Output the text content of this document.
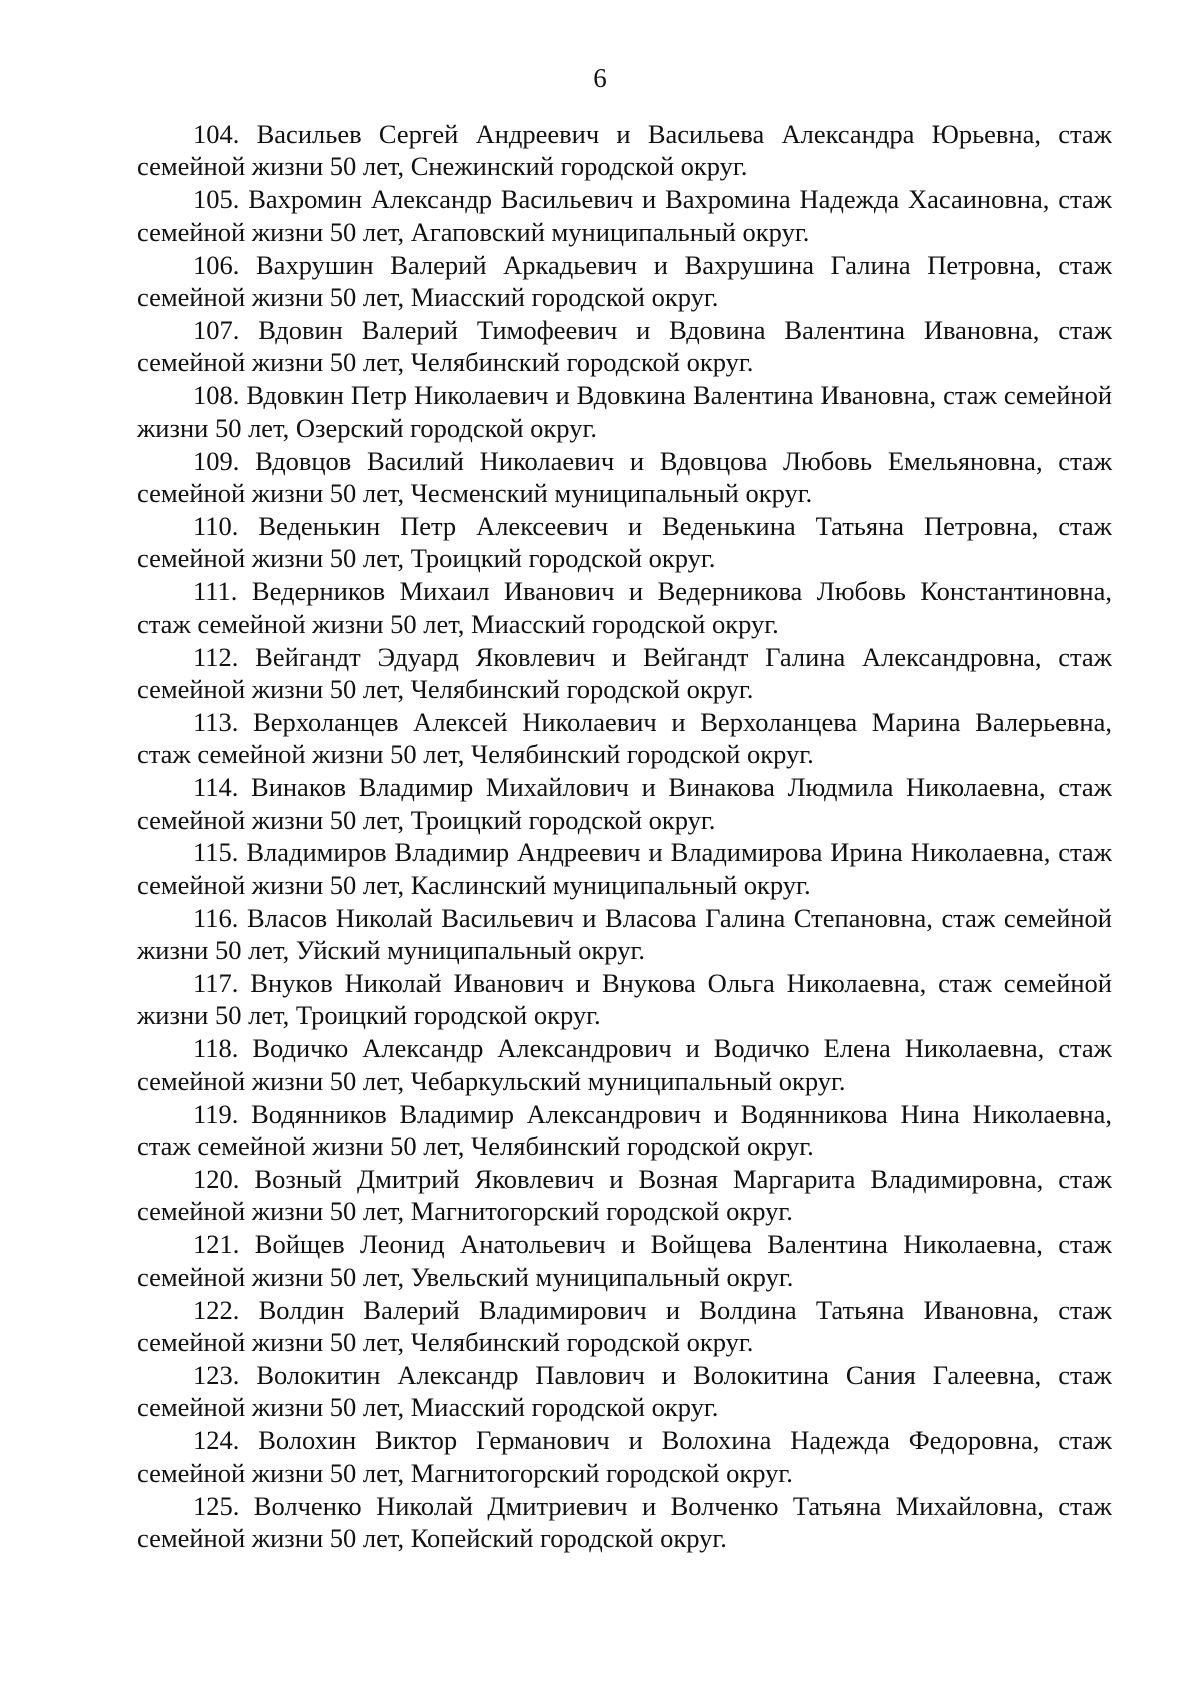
6

104. Васильев Сергей Андреевич и Васильева Александра Юрьевна, стаж семейной жизни 50 лет, Снежинский городской округ.

105. Вахромин Александр Васильевич и Вахромина Надежда Хасаиновна, стаж семейной жизни 50 лет, Агаповский муниципальный округ.

106. Вахрушин Валерий Аркадьевич и Вахрушина Галина Петровна, стаж семейной жизни 50 лет, Миасский городской округ.

107. Вдовин Валерий Тимофеевич и Вдовина Валентина Ивановна, стаж семейной жизни 50 лет, Челябинский городской округ.

108. Вдовкин Петр Николаевич и Вдовкина Валентина Ивановна, стаж семейной жизни 50 лет, Озерский городской округ.

109. Вдовцов Василий Николаевич и Вдовцова Любовь Емельяновна, стаж семейной жизни 50 лет, Чесменский муниципальный округ.

110. Веденькин Петр Алексеевич и Веденькина Татьяна Петровна, стаж семейной жизни 50 лет, Троицкий городской округ.

111. Ведерников Михаил Иванович и Ведерникова Любовь Константиновна, стаж семейной жизни 50 лет, Миасский городской округ.

112. Вейгандт Эдуард Яковлевич и Вейгандт Галина Александровна, стаж семейной жизни 50 лет, Челябинский городской округ.

113. Верхоланцев Алексей Николаевич и Верхоланцева Марина Валерьевна, стаж семейной жизни 50 лет, Челябинский городской округ.

114. Винаков Владимир Михайлович и Винакова Людмила Николаевна, стаж семейной жизни 50 лет, Троицкий городской округ.

115. Владимиров Владимир Андреевич и Владимирова Ирина Николаевна, стаж семейной жизни 50 лет, Каслинский муниципальный округ.

116. Власов Николай Васильевич и Власова Галина Степановна, стаж семейной жизни 50 лет, Уйский муниципальный округ.

117. Внуков Николай Иванович и Внукова Ольга Николаевна, стаж семейной жизни 50 лет, Троицкий городской округ.

118. Водичко Александр Александрович и Водичко Елена Николаевна, стаж семейной жизни 50 лет, Чебаркульский муниципальный округ.

119. Водянников Владимир Александрович и Водянникова Нина Николаевна, стаж семейной жизни 50 лет, Челябинский городской округ.

120. Возный Дмитрий Яковлевич и Возная Маргарита Владимировна, стаж семейной жизни 50 лет, Магнитогорский городской округ.

121. Войщев Леонид Анатольевич и Войщева Валентина Николаевна, стаж семейной жизни 50 лет, Увельский муниципальный округ.

122. Волдин Валерий Владимирович и Волдина Татьяна Ивановна, стаж семейной жизни 50 лет, Челябинский городской округ.

123. Волокитин Александр Павлович и Волокитина Сания Галеевна, стаж семейной жизни 50 лет, Миасский городской округ.

124. Волохин Виктор Германович и Волохина Надежда Федоровна, стаж семейной жизни 50 лет, Магнитогорский городской округ.

125. Волченко Николай Дмитриевич и Волченко Татьяна Михайловна, стаж семейной жизни 50 лет, Копейский городской округ.
